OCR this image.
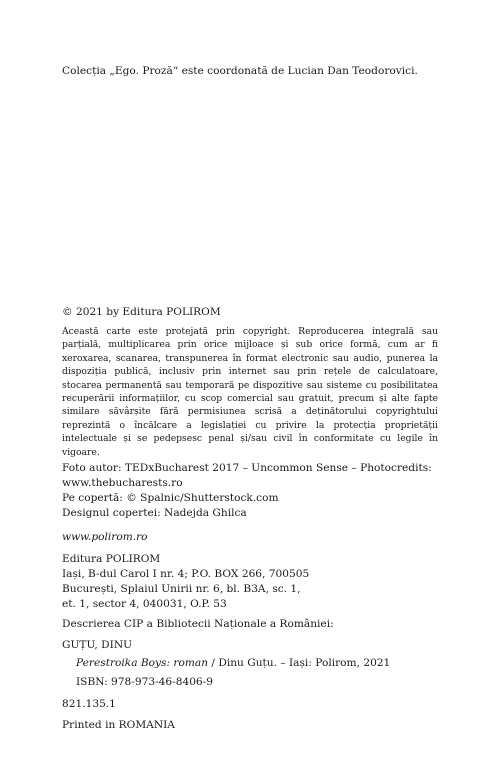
Colecția „Ego. Proză“ este coordonată de Lucian Dan Teodorovici.

© 2021 by Editura POLIROM

Această carte este protejată prin copyright. Reproducerea integrală sau parțială, multiplicarea prin orice mijloace și sub orice formă, cum ar fi xeroxarea, scanarea, transpunerea în format electronic sau audio, punerea la dispoziția publică, inclusiv prin internet sau prin rețele de calculatoare, stocarea permanentă sau temporară pe dispozitive sau sisteme cu posibilitatea recuperării informațiilor, cu scop comercial sau gratuit, precum și alte fapte similare săvârșite fără permisiunea scrisă a deținătorului copyrightului reprezintă o încălcare a legislației cu privire la protecția proprietății intelectuale și se pedepsesc penal și/sau civil în conformitate cu legile în vigoare.

Foto autor: TEDxBucharest 2017 – Uncommon Sense – Photocredits:

www.thebucharests.ro

Pe copertă: © Spalnic/Shutterstock.com

Designul copertei: Nadejda Ghilca

www.polirom.ro

Editura POLIROM

Iași, B-dul Carol I nr. 4; P.O. BOX 266, 700505

București, Splaiul Unirii nr. 6, bl. B3A, sc. 1,

et. 1, sector 4, 040031, O.P. 53

Descrierea CIP a Bibliotecii Naționale a României:

GUȚU, DINU

Perestroika Boys: roman / Dinu Guțu. – Iași: Polirom, 2021

ISBN: 978-973-46-8406-9

821.135.1

Printed in ROMANIA
